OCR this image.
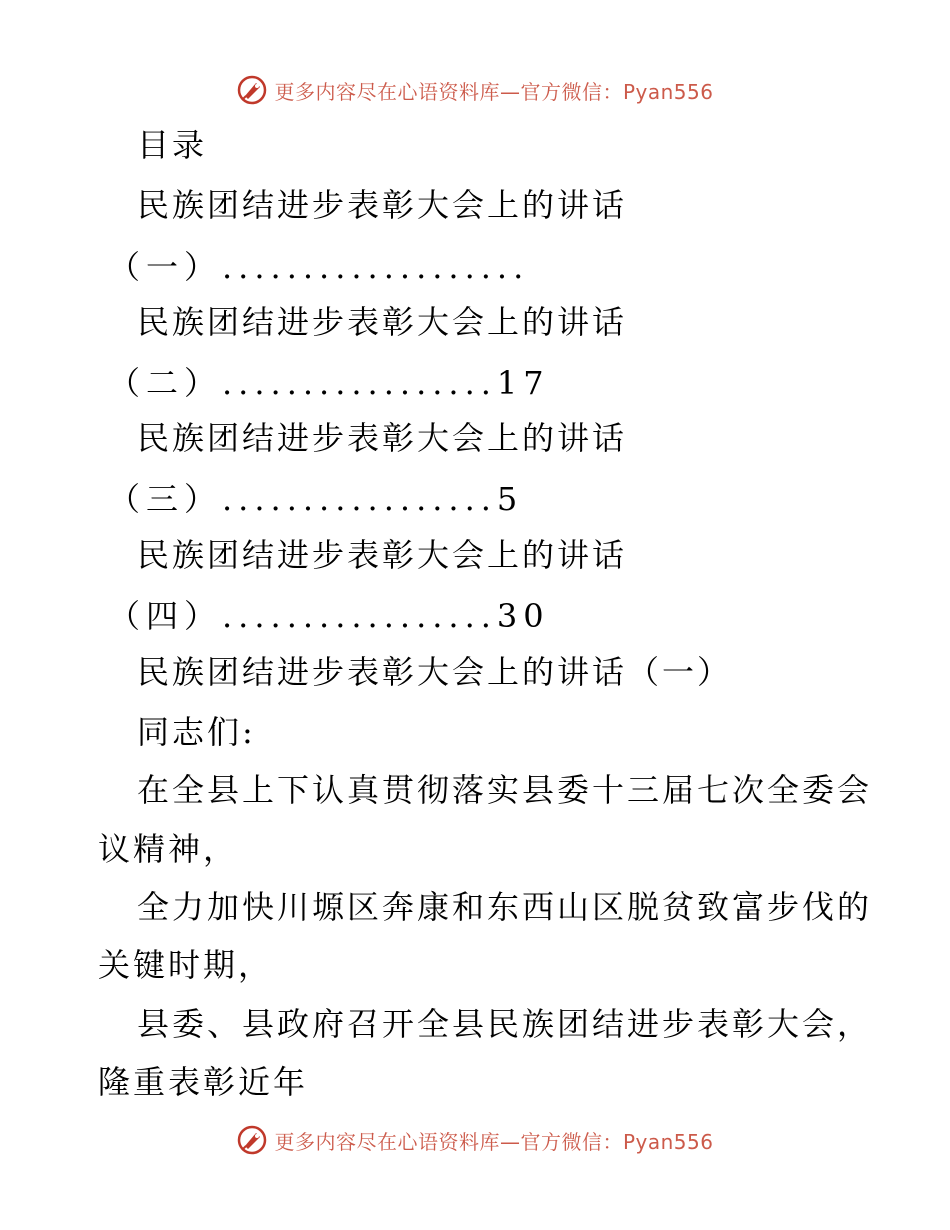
更多内容尽在心语资料库—官方微信：Pyan556
目录
民族团结进步表彰大会上的讲话
（一）...................
民族团结进步表彰大会上的讲话
（二）.................17
民族团结进步表彰大会上的讲话
（三）.................5
民族团结进步表彰大会上的讲话
（四）.................30
民族团结进步表彰大会上的讲话（一）
同志们:
在全县上下认真贯彻落实县委十三届七次全委会
议精神，
全力加快川塬区奔康和东西山区脱贫致富步伐的
关键时期，
县委、县政府召开全县民族团结进步表彰大会，
隆重表彰近年
更多内容尽在心语资料库—官方微信：Pyan556
